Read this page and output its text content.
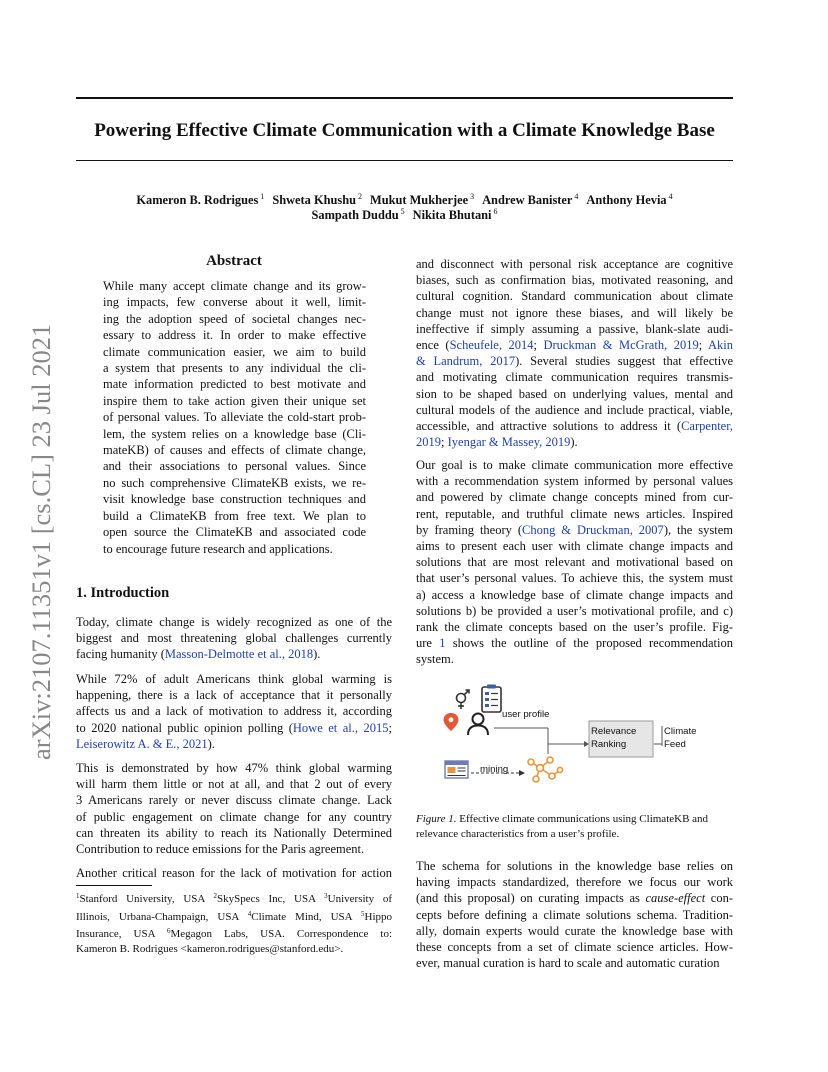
arXiv:2107.11351v1 [cs.CL] 23 Jul 2021
Powering Effective Climate Communication with a Climate Knowledge Base
Kameron B. Rodrigues $^1$ Shweta Khushu $^2$ Mukut Mukherjee $^3$ Andrew Banister $^4$ Anthony Hevia $^4$
Sampath Duddu $^5$ Nikita Bhutani $^6$
Abstract
While many accept climate change and its grow-
ing impacts, few converse about it well, limit-
ing the adoption speed of societal changes nec-
essary to address it. In order to make effective
climate communication easier, we aim to build
a system that presents to any individual the cli-
mate information predicted to best motivate and
inspire them to take action given their unique set
of personal values. To alleviate the cold-start prob-
lem, the system relies on a knowledge base (Cli-
mateKB) of causes and effects of climate change,
and their associations to personal values. Since
no such comprehensive ClimateKB exists, we re-
visit knowledge base construction techniques and
build a ClimateKB from free text. We plan to
open source the ClimateKB and associated code
to encourage future research and applications.
1. Introduction
Today, climate change is widely recognized as one of the
biggest and most threatening global challenges currently
facing humanity (Masson-Delmotte et al., 2018).
While 72% of adult Americans think global warming is
happening, there is a lack of acceptance that it personally
affects us and a lack of motivation to address it, according
to 2020 national public opinion polling (Howe et al., 2015;
Leiserowitz A. & E., 2021).
This is demonstrated by how 47% think global warming
will harm them little or not at all, and that 2 out of every
3 Americans rarely or never discuss climate change. Lack
of public engagement on climate change for any country
can threaten its ability to reach its Nationally Determined
Contribution to reduce emissions for the Paris agreement.
Another critical reason for the lack of motivation for action
$^1$Stanford University, USA $^2$SkySpecs Inc, USA $^3$University of
Illinois, Urbana-Champaign, USA $^4$Climate Mind, USA $^5$Hippo
Insurance, USA $^6$Megagon Labs, USA. Correspondence to:
Kameron B. Rodrigues <kameron.rodrigues@stanford.edu>.
and disconnect with personal risk acceptance are cognitive
biases, such as confirmation bias, motivated reasoning, and
cultural cognition. Standard communication about climate
change must not ignore these biases, and will likely be
ineffective if simply assuming a passive, blank-slate audi-
ence (Scheufele, 2014; Druckman & McGrath, 2019; Akin
& Landrum, 2017). Several studies suggest that effective
and motivating climate communication requires transmis-
sion to be shaped based on underlying values, mental and
cultural models of the audience and include practical, viable,
accessible, and attractive solutions to address it (Carpenter,
2019; Iyengar & Massey, 2019).
Our goal is to make climate communication more effective
with a recommendation system informed by personal values
and powered by climate change concepts mined from cur-
rent, reputable, and truthful climate news articles. Inspired
by framing theory (Chong & Druckman, 2007), the system
aims to present each user with climate change impacts and
solutions that are most relevant and motivational based on
that user’s personal values. To achieve this, the system must
a) access a knowledge base of climate change impacts and
solutions b) be provided a user’s motivational profile, and c)
rank the climate concepts based on the user’s profile. Fig-
ure 1 shows the outline of the proposed recommendation
system.
user profile
mining
Relevance
Ranking
Climate
Feed
Figure 1. Effective climate communications using ClimateKB and
relevance characteristics from a user’s profile.
The schema for solutions in the knowledge base relies on
having impacts standardized, therefore we focus our work
(and this proposal) on curating impacts as cause-effect con-
cepts before defining a climate solutions schema. Tradition-
ally, domain experts would curate the knowledge base with
these concepts from a set of climate science articles. How-
ever, manual curation is hard to scale and automatic curation
